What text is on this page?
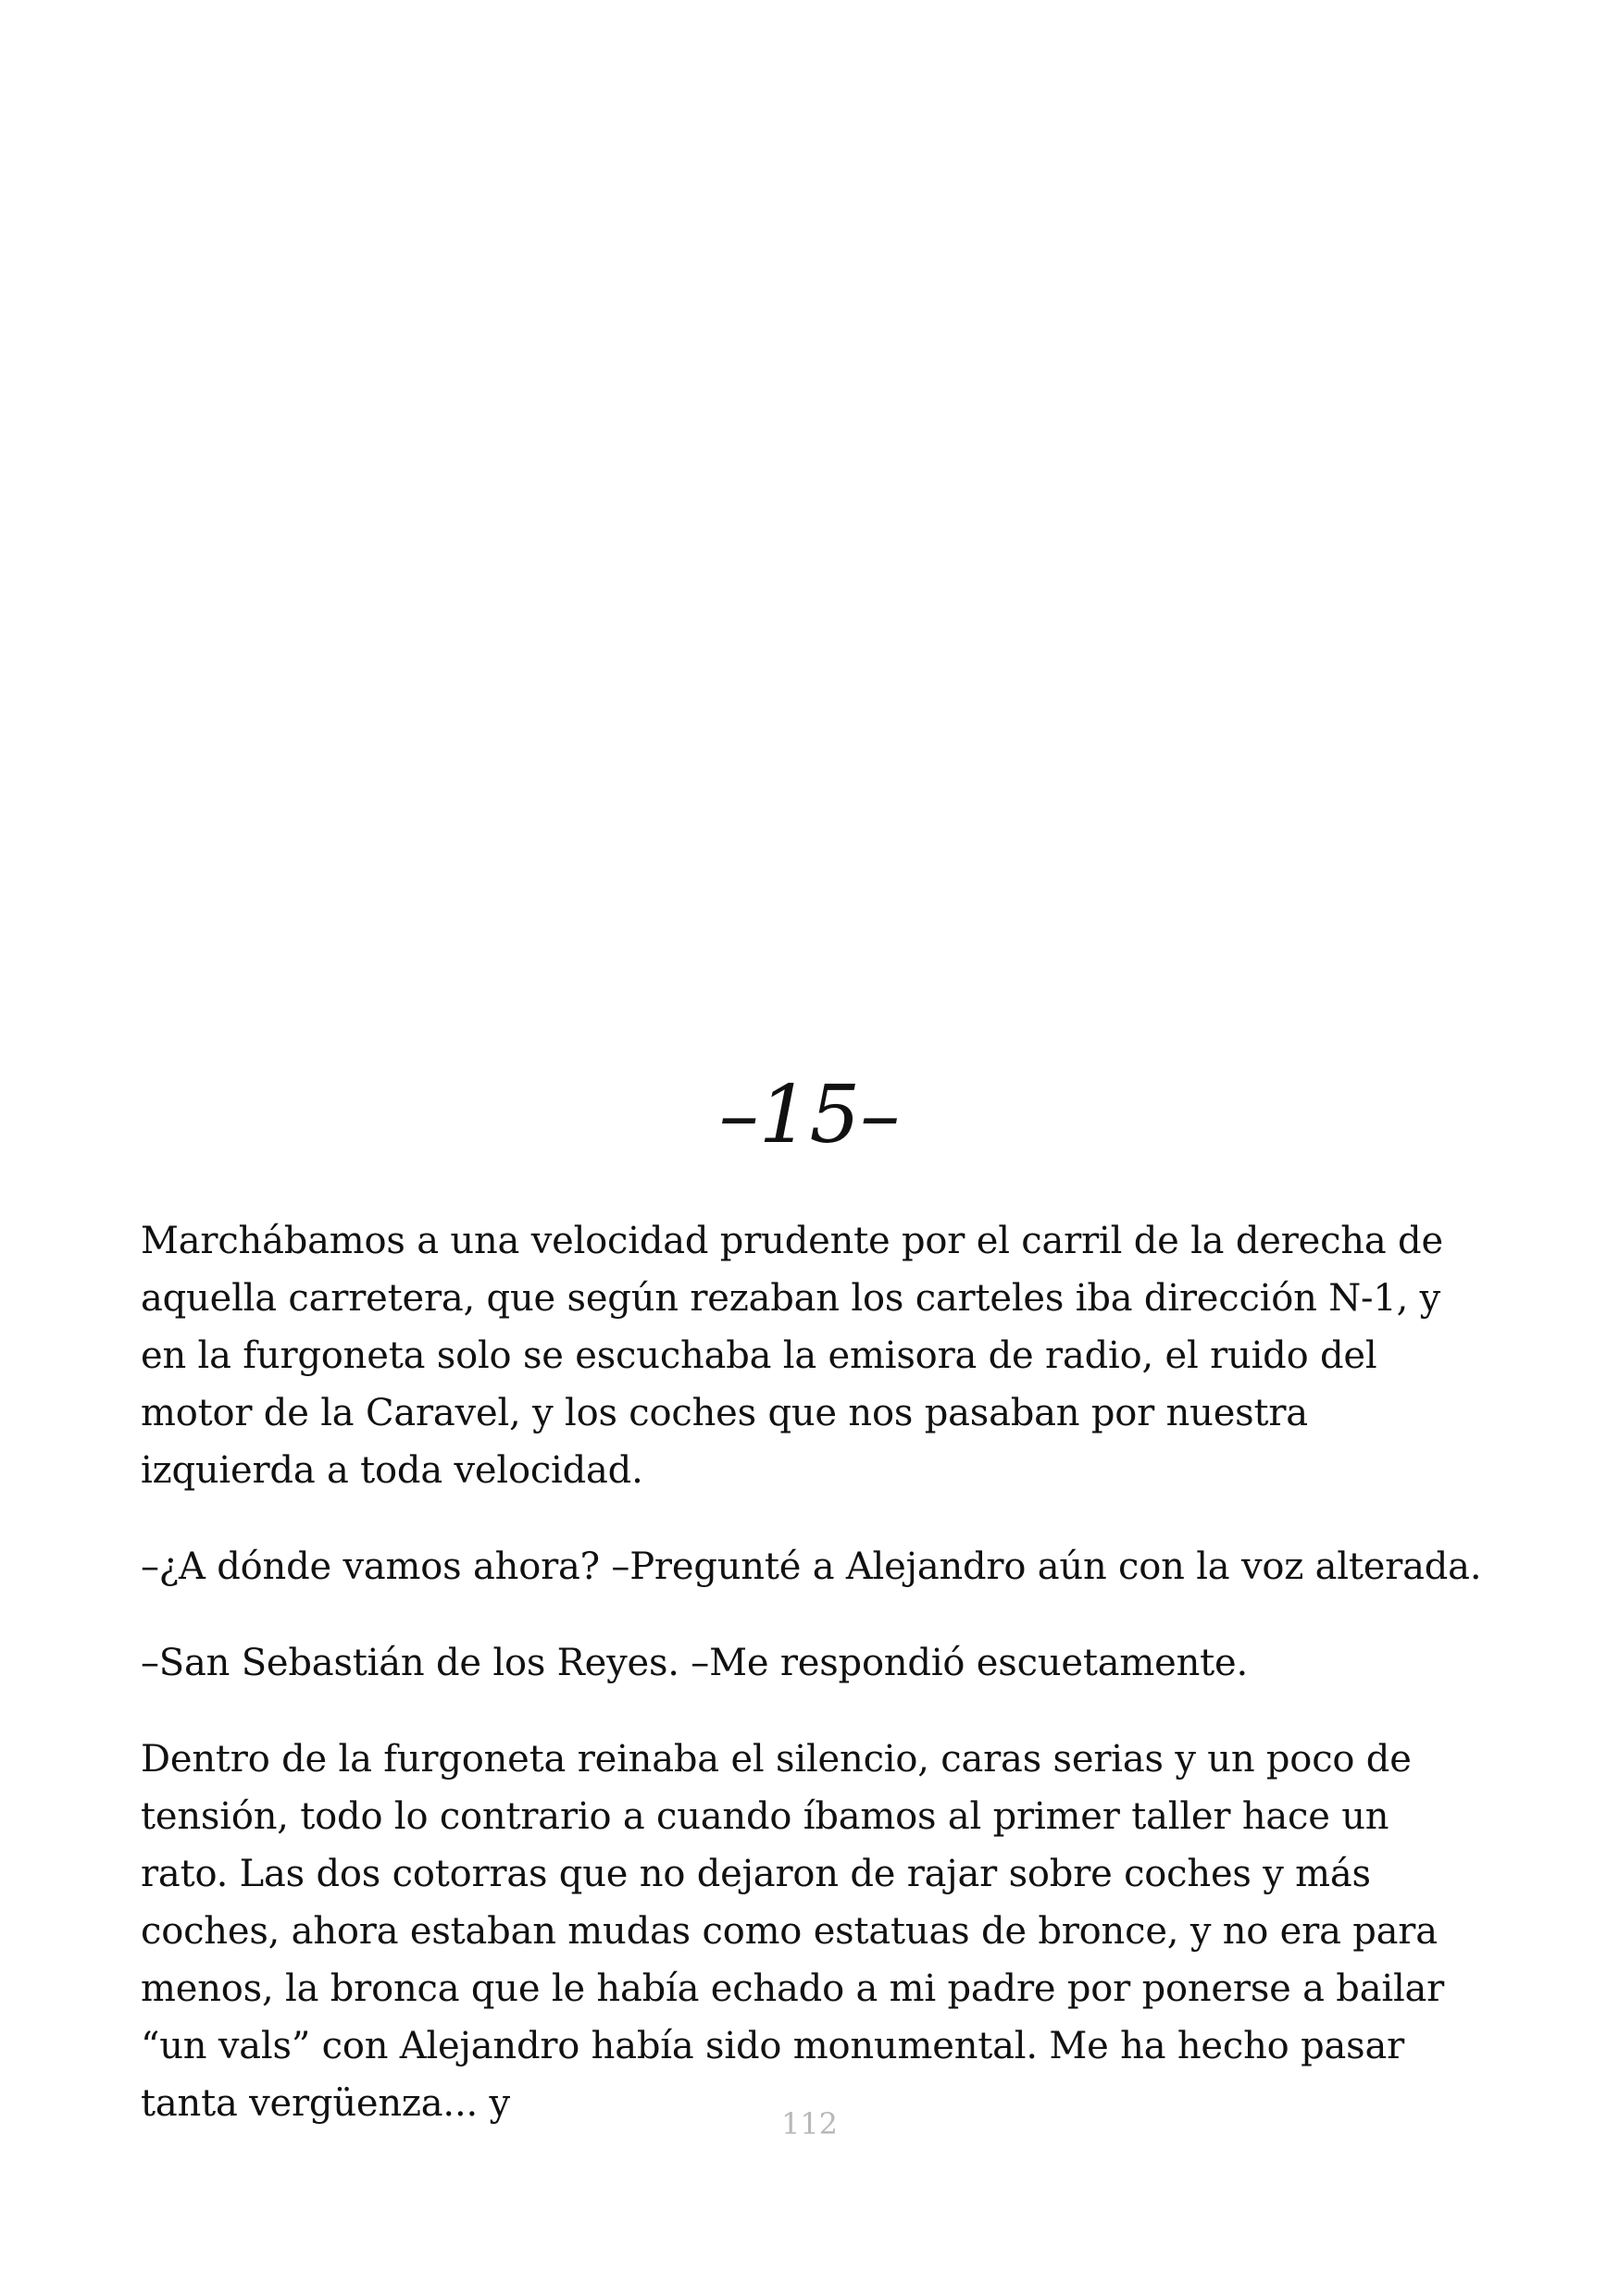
–15–

Marchábamos a una velocidad prudente por el carril de la derecha de aquella carretera, que según rezaban los carteles iba dirección N-1, y en la furgoneta solo se escuchaba la emisora de radio, el ruido del motor de la Caravel, y los coches que nos pasaban por nuestra izquierda a toda velocidad.

–¿A dónde vamos ahora? –Pregunté a Alejandro aún con la voz alterada.

–San Sebastián de los Reyes. –Me respondió escuetamente.

Dentro de la furgoneta reinaba el silencio, caras serias y un poco de tensión, todo lo contrario a cuando íbamos al primer taller hace un rato. Las dos cotorras que no dejaron de rajar sobre coches y más coches, ahora estaban mudas como estatuas de bronce, y no era para menos, la bronca que le había echado a mi padre por ponerse a bailar “un vals” con Alejandro había sido monumental. Me ha hecho pasar tanta vergüenza... y	112
